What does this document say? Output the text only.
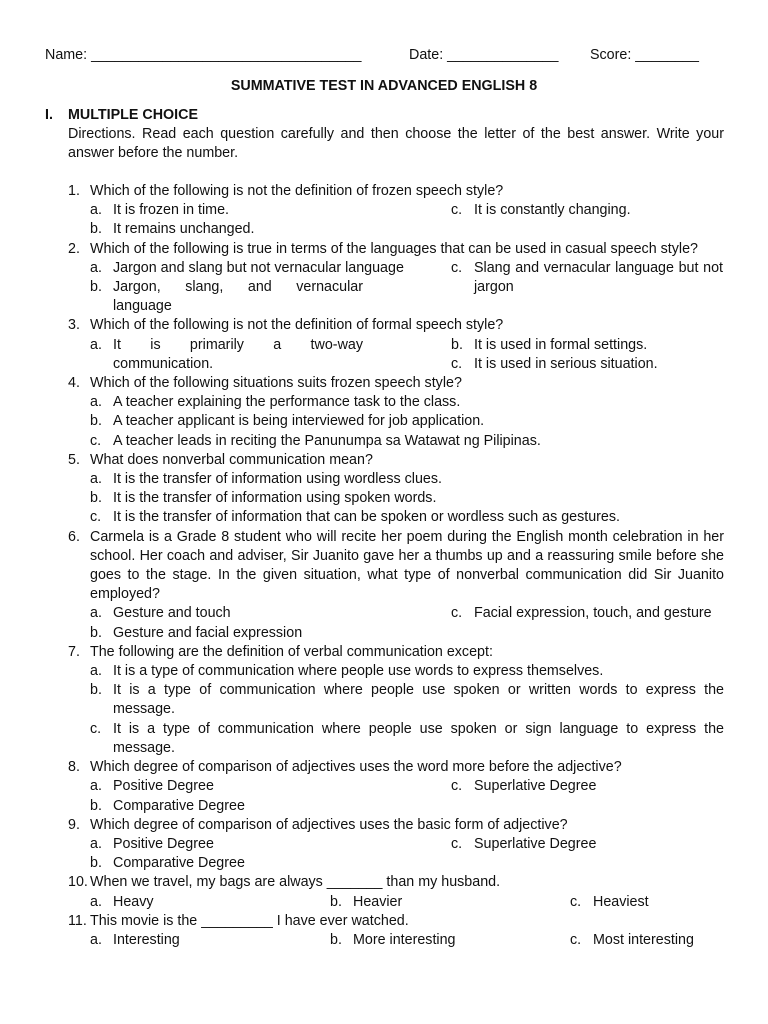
Name: __________________________________	Date: ______________ Score: ________
SUMMATIVE TEST IN ADVANCED ENGLISH 8
I. MULTIPLE CHOICE
Directions. Read each question carefully and then choose the letter of the best answer. Write your answer before the number.
1. Which of the following is not the definition of frozen speech style?
a. It is frozen in time.	c. It is constantly changing.
b. It remains unchanged.
2. Which of the following is true in terms of the languages that can be used in casual speech style?
a. Jargon and slang but not vernacular language
b. Jargon, slang, and vernacular language
c. Slang and vernacular language but not jargon
3. Which of the following is not the definition of formal speech style?
a. It is primarily a two-way communication.
b. It is used in formal settings.
c. It is used in serious situation.
4. Which of the following situations suits frozen speech style?
a. A teacher explaining the performance task to the class.
b. A teacher applicant is being interviewed for job application.
c. A teacher leads in reciting the Panunumpa sa Watawat ng Pilipinas.
5. What does nonverbal communication mean?
a. It is the transfer of information using wordless clues.
b. It is the transfer of information using spoken words.
c. It is the transfer of information that can be spoken or wordless such as gestures.
6. Carmela is a Grade 8 student who will recite her poem during the English month celebration in her school. Her coach and adviser, Sir Juanito gave her a thumbs up and a reassuring smile before she goes to the stage. In the given situation, what type of nonverbal communication did Sir Juanito employed?
a. Gesture and touch	c. Facial expression, touch, and gesture
b. Gesture and facial expression
7. The following are the definition of verbal communication except:
a. It is a type of communication where people use words to express themselves.
b. It is a type of communication where people use spoken or written words to express the message.
c. It is a type of communication where people use spoken or sign language to express the message.
8. Which degree of comparison of adjectives uses the word more before the adjective?
a. Positive Degree	c. Superlative Degree
b. Comparative Degree
9. Which degree of comparison of adjectives uses the basic form of adjective?
a. Positive Degree	c. Superlative Degree
b. Comparative Degree
10. When we travel, my bags are always _______ than my husband.
a. Heavy	b. Heavier	c. Heaviest
11. This movie is the _________ I have ever watched.
a. Interesting	b. More interesting	c. Most interesting
